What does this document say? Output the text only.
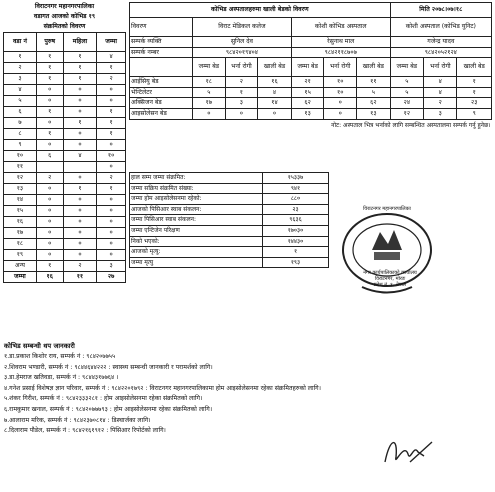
विराटनगर महानगरपालिका
वडागत आजको कोभिड १९
संक्रमितको विवरण			

वडा नं	पुरुष	महिला	जम्मा
१	१	१	४
२	१	१	१
३	१	१	२
४	०	०	०
५	०	०	०
६	१	०	१
७	०	१	१
८	१	०	१
९	०	०	०
१०	६	४	१०
११			०
१२	२	०	२
१३	०	१	१
१४	०	०	०
१५	०	०	०
१६	०	०	०
१७	०	०	०
१८	०	०	०
१९	०	०	०
अन्य	१	२	३
जम्मा	१६	११	२७
कोभिड अस्पतालहरुमा खाली बेडको विवरण							मिति २०७८।०७।१८		
विवरण	विराट मेडिकल कलेज			कोशी कोभिड अस्पताल			कोशी अस्पताल (कोभिड युनिट)		
सम्पर्क व्यक्ति	सुनिल देव			रेसुनाथ माल			गजेन्द्र यादव		
सम्पर्क नम्बर	९८४२०१९४०४			९८४२११८७०७			९८४२०५२१२४		
	जम्मा बेड	भर्ना रोगी	खाली बेड	जम्मा बेड	भर्ना रोगी	खाली बेड	जम्मा बेड	भर्ना रोगी	खाली बेड
आईसियु बेड	१८	२	१६	२१	१०	११	५	४	१
भेन्टिलेटर	५	१	४	१५	१०	५	५	४	१
अक्सिजन बेड	१७	३	१४	६२	०	६२	२४	२	२३
आइसोलेसन बेड	०	०	०	१३	०	१३	१२	३	९
नोट: अस्पताल भित्र भर्नाको लागि सम्बन्धित अस्पतालमा सम्पर्क गर्नु हुनेछ।									
हाल सम्म जम्मा संक्रमित:	१५३३७
जम्मा सक्रिय संक्रमित संख्या:	९४१
जम्मा होम आइसोलेसनमा रहेको:	८८०
आजको पिसिआर स्वाब संकलन:	२३
जम्मा पिसिआर स्वाब संकलन:	९६३६
जम्मा एन्टिजेन परिक्षण	१७०३०
निको भएको:	१४४३०
आजको मृत्यु:	१
जम्मा मृत्यु	१९३
नगर कार्यपालिकाको कार्यालय
विराटनगर, मोरङ
प्रदेश नं. १, नेपाल
विराटनगर महानगरपालिका
कोभिड सम्बन्धी थप जानकारी
१.डा.प्रकाश किशोर राय, सम्पर्क नं : ९८४२०७७५५
२.शिवराम भण्डारी, सम्पर्क नं : ९८४४६४४२२२ : स्वास्थ्य सम्बन्धी जानकारी र परामर्शको लागि।
३.डा.हेमराज खतिवडा, सम्पर्क नं : ९८४४३१७७६४ ।
४.गनेश प्रसाई विशेषज्ञ ज्ञान परिवार, सम्पर्क नं : ९८४२२०१७९२ : विराटनगर महानगरपालिकामा होम आइसोलेसनमा रहेका संक्रमितहरुको लागि।
५.शंकर गिरीश, सम्पर्क नं : ९८४२३३३२८१ : होम आइसोलेसनमा रहेका संक्रमितको लागि।
६.रामकुमार खनाल, सम्पर्क नं : ९८४२०७७७९३ : होम आइसोलेसनमा रहेका संक्रमितको लागि।
७.आलाराम मरिक, सम्पर्क नं : ९८४२३७०८१४ : डिस्चार्जका लागि।
८.दिलाराम पौडेल, सम्पर्क नं : ९८४२१६१९१२ : पिसिआर रिपोर्टको लागि।
